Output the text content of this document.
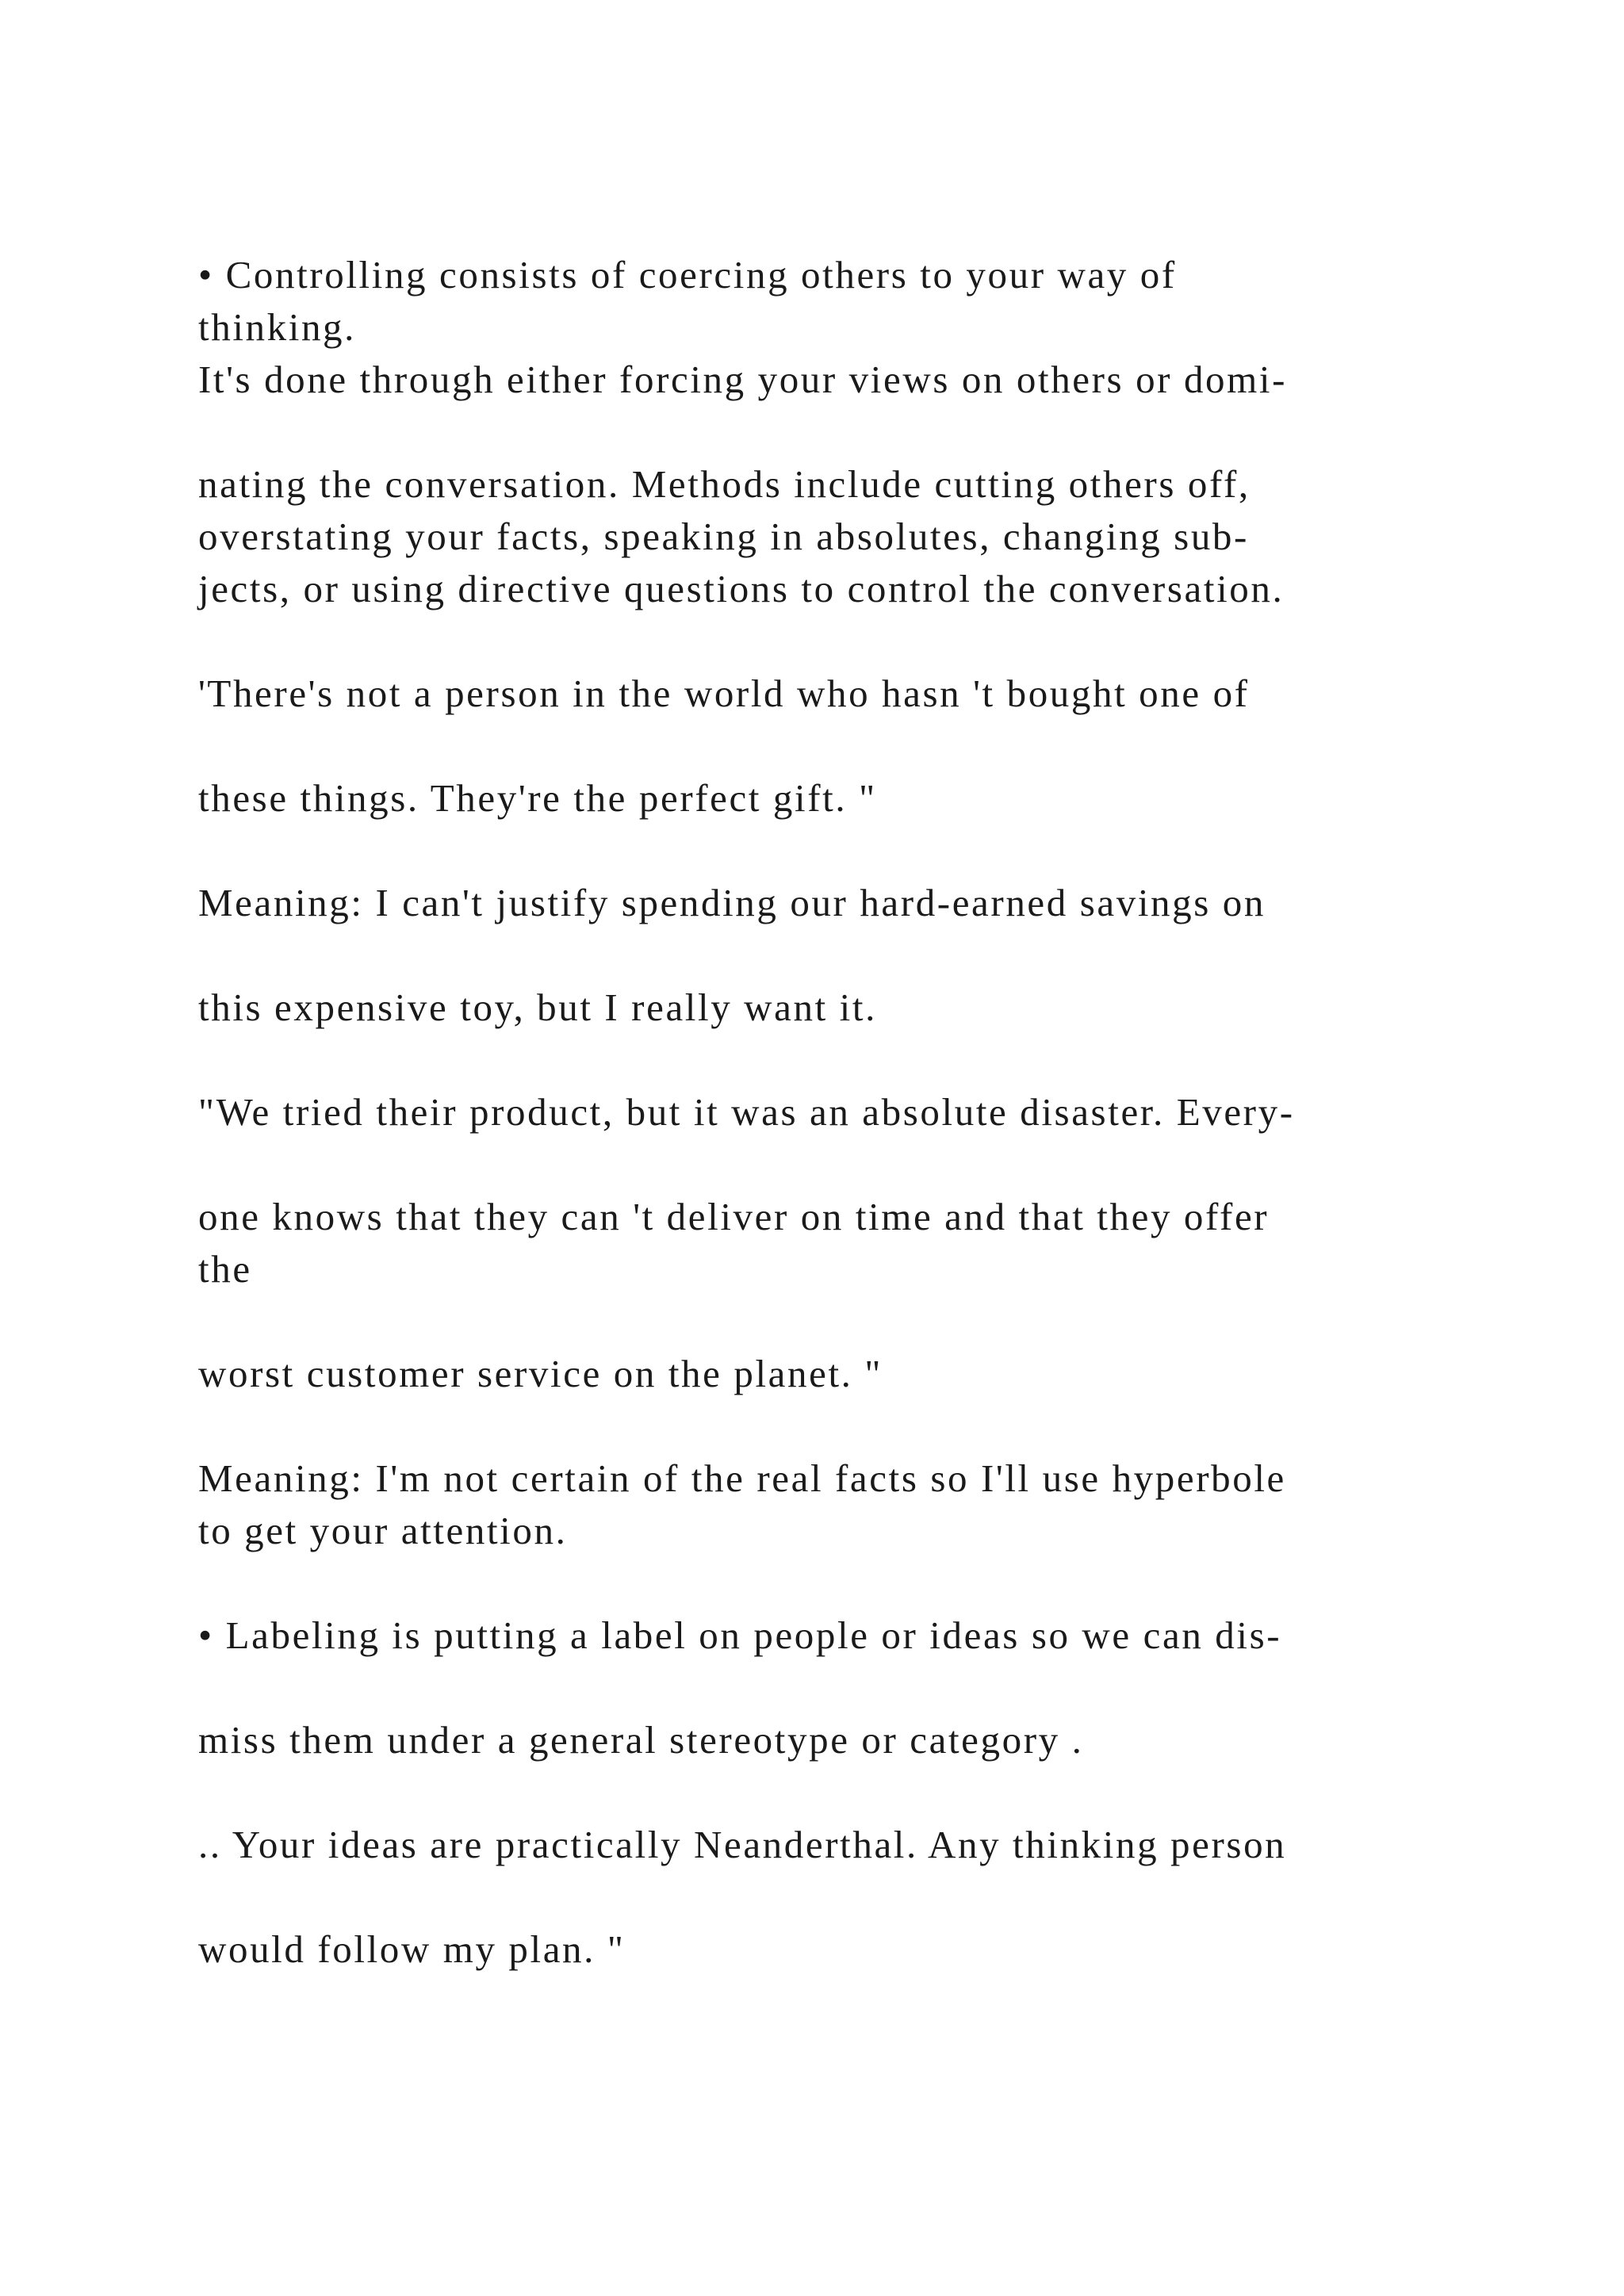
• Controlling consists of coercing others to your way of

thinking.

It's done through either forcing your views on others or domi-

nating the conversation. Methods include cutting others off,

overstating your facts, speaking in absolutes, changing sub-

jects, or using directive questions to control the conversation.

'There's not a person in the world who hasn 't bought one of

these things. They're the perfect gift. "

Meaning: I can't justify spending our hard-earned savings on

this expensive toy, but I really want it.

"We tried their product, but it was an absolute disaster. Every-

one knows that they can 't deliver on time and that they offer

the

worst customer service on the planet. "

Meaning: I'm not certain of the real facts so I'll use hyperbole

to get your attention.

• Labeling is putting a label on people or ideas so we can dis-

miss them under a general stereotype or category .

.. Your ideas are practically Neanderthal. Any thinking person

would follow my plan. "
